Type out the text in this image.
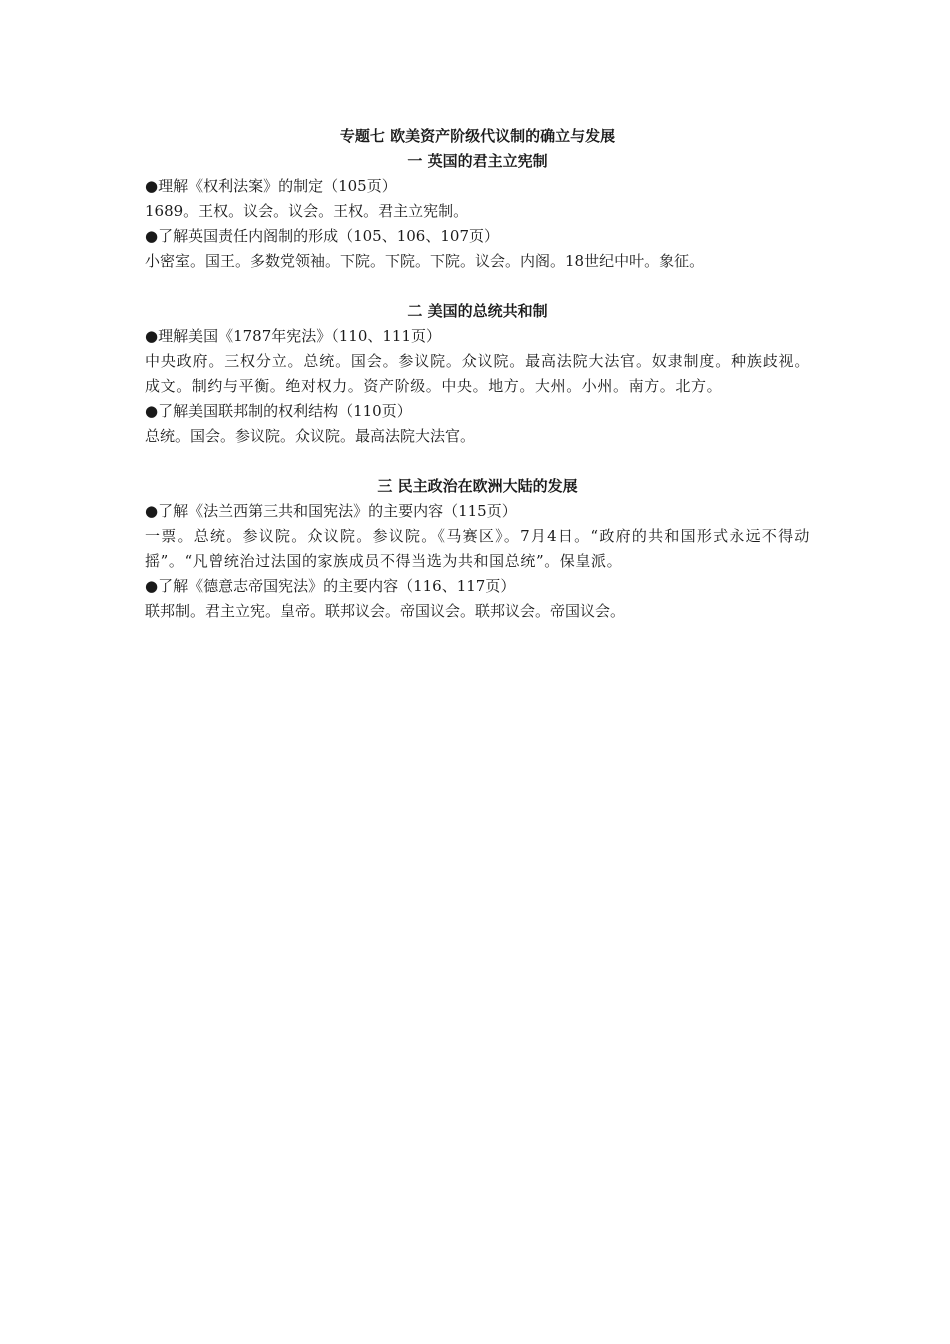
专题七 欧美资产阶级代议制的确立与发展

一 英国的君主立宪制

●理解《权利法案》的制定（105页）

1689。王权。议会。议会。王权。君主立宪制。

●了解英国责任内阁制的形成（105、106、107页）

小密室。国王。多数党领袖。下院。下院。下院。议会。内阁。18世纪中叶。象征。

二 美国的总统共和制

●理解美国《1787年宪法》（110、111页）

中央政府。三权分立。总统。国会。参议院。众议院。最高法院大法官。奴隶制度。种族歧视。成文。制约与平衡。绝对权力。资产阶级。中央。地方。大州。小州。南方。北方。

●了解美国联邦制的权利结构（110页）

总统。国会。参议院。众议院。最高法院大法官。

三 民主政治在欧洲大陆的发展

●了解《法兰西第三共和国宪法》的主要内容（115页）

一票。总统。参议院。众议院。参议院。《马赛区》。7月4日。“政府的共和国形式永远不得动摇”。“凡曾统治过法国的家族成员不得当选为共和国总统”。保皇派。

●了解《德意志帝国宪法》的主要内容（116、117页）

联邦制。君主立宪。皇帝。联邦议会。帝国议会。联邦议会。帝国议会。
